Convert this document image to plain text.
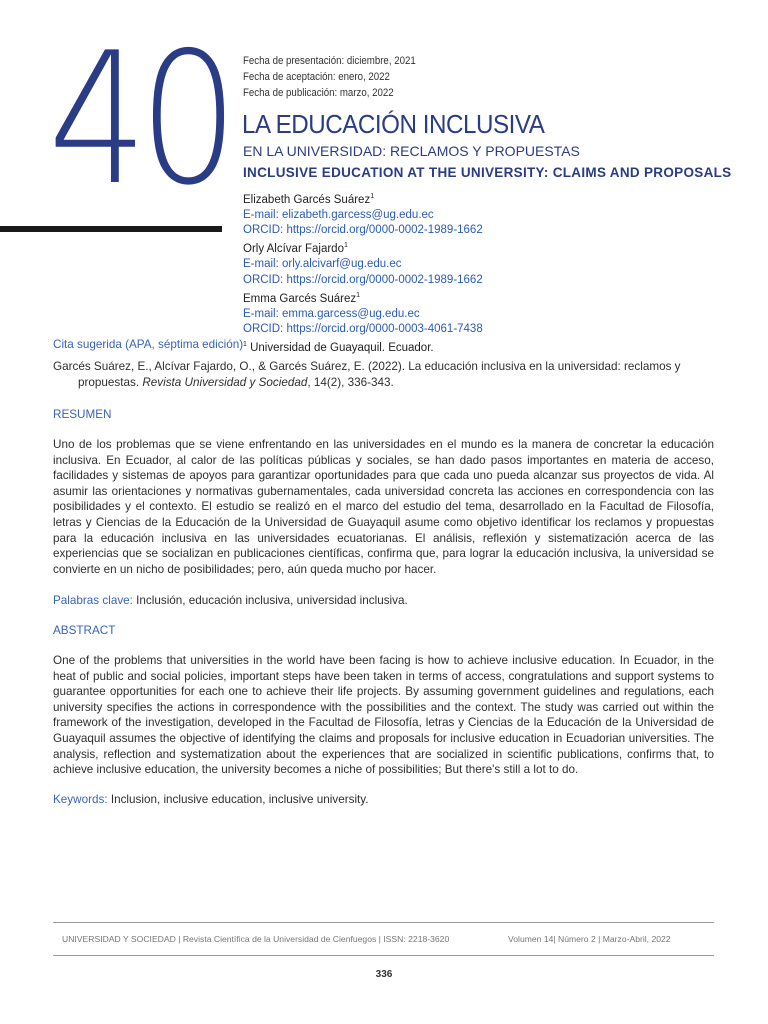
40 Fecha de presentación: diciembre, 2021
Fecha de aceptación: enero, 2022
Fecha de publicación: marzo, 2022
LA EDUCACIÓN INCLUSIVA
EN LA UNIVERSIDAD: RECLAMOS Y PROPUESTAS
INCLUSIVE EDUCATION AT THE UNIVERSITY: CLAIMS AND PROPOSALS
Elizabeth Garcés Suárez$^1$
E-mail: elizabeth.garcess@ug.edu.ec
ORCID: https://orcid.org/0000-0002-1989-1662
Orly Alcívar Fajardo$^1$
E-mail: orly.alcivarf@ug.edu.ec
ORCID: https://orcid.org/0000-0002-1989-1662
Emma Garcés Suárez$^1$
E-mail: emma.garcess@ug.edu.ec
ORCID: https://orcid.org/0000-0003-4061-7438
$^1$ Universidad de Guayaquil. Ecuador.
Cita sugerida (APA, séptima edición)
Garcés Suárez, E., Alcívar Fajardo, O., & Garcés Suárez, E. (2022). La educación inclusiva en la universidad: reclamos y propuestas. Revista Universidad y Sociedad, 14(2), 336-343.
RESUMEN
Uno de los problemas que se viene enfrentando en las universidades en el mundo es la manera de concretar la educación inclusiva. En Ecuador, al calor de las políticas públicas y sociales, se han dado pasos importantes en materia de acceso, facilidades y sistemas de apoyos para garantizar oportunidades para que cada uno pueda alcanzar sus proyectos de vida. Al asumir las orientaciones y normativas gubernamentales, cada universidad concreta las acciones en correspondencia con las posibilidades y el contexto. El estudio se realizó en el marco del estudio del tema, desarrollado en la Facultad de Filosofía, letras y Ciencias de la Educación de la Universidad de Guayaquil asume como objetivo identificar los reclamos y propuestas para la educación inclusiva en las universidades ecuatorianas. El análisis, reflexión y sistematización acerca de las experiencias que se socializan en publicaciones científicas, confirma que, para lograr la educación inclusiva, la universidad se convierte en un nicho de posibilidades; pero, aún queda mucho por hacer.
Palabras clave: Inclusión, educación inclusiva, universidad inclusiva.
ABSTRACT
One of the problems that universities in the world have been facing is how to achieve inclusive education. In Ecuador, in the heat of public and social policies, important steps have been taken in terms of access, congratulations and support systems to guarantee opportunities for each one to achieve their life projects. By assuming government guidelines and regulations, each university specifies the actions in correspondence with the possibilities and the context. The study was carried out within the framework of the investigation, developed in the Facultad de Filosofía, letras y Ciencias de la Educación de la Universidad de Guayaquil assumes the objective of identifying the claims and proposals for inclusive education in Ecuadorian universities. The analysis, reflection and systematization about the experiences that are socialized in scientific publications, confirms that, to achieve inclusive education, the university becomes a niche of possibilities; But there's still a lot to do.
Keywords: Inclusion, inclusive education, inclusive university.
UNIVERSIDAD Y SOCIEDAD | Revista Científica de la Universidad de Cienfuegos | ISSN: 2218-3620	Volumen 14| Número 2 | Marzo-Abril, 2022
336
